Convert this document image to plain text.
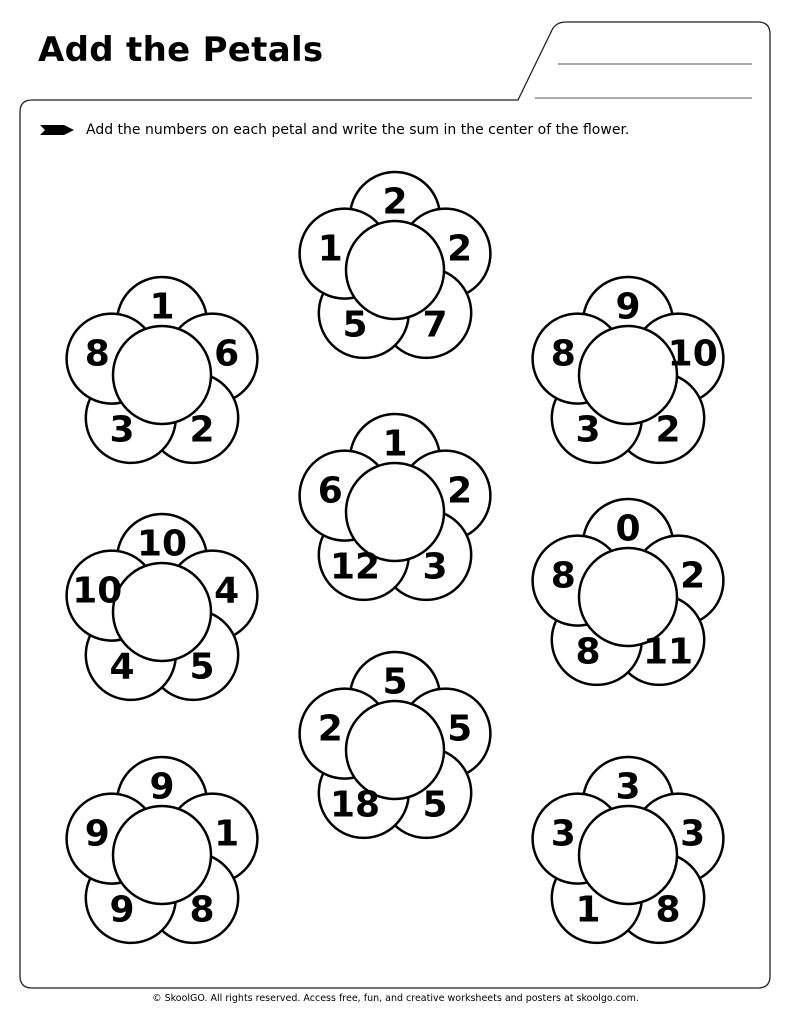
Add the Petals
Add the numbers on each petal and write the sum in the center of the flower.
2
2
7
5
1
1
6
2
3
8
9
10
2
3
8
1
2
3
12
6
10
4
5
4
10
0
2
11
8
8
5
5
5
18
2
9
1
8
9
9
3
3
8
1
3
© SkoolGO. All rights reserved. Access free, fun, and creative worksheets and posters at skoolgo.com.
